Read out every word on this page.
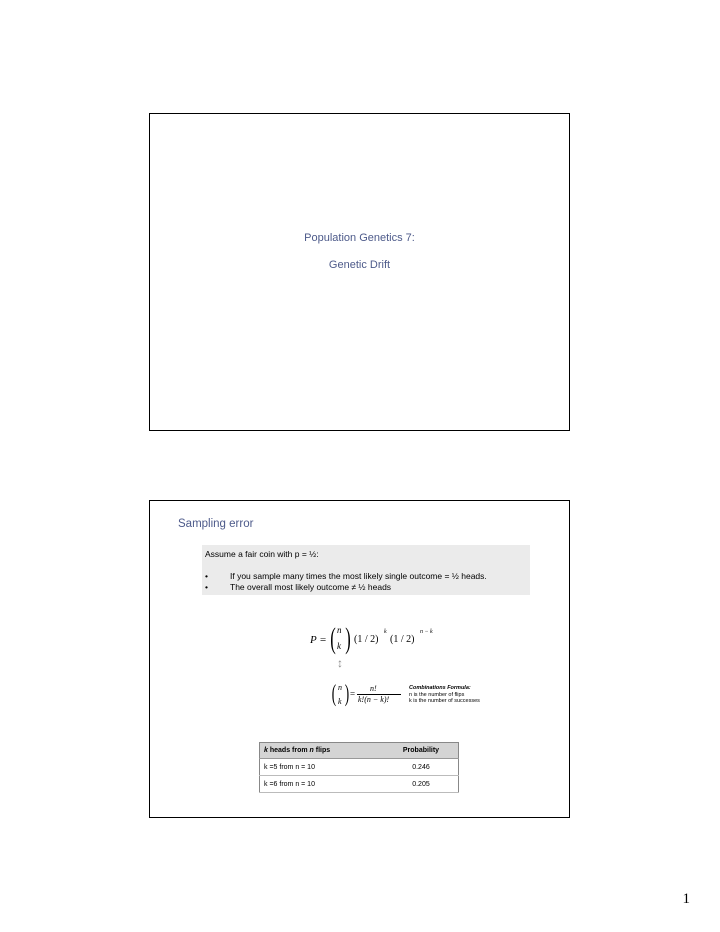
Population Genetics 7:
Genetic Drift
Sampling error
Assume a fair coin with p = ½:
•	If you sample many times the most likely single outcome = ½ heads.
•	The overall most likely outcome ≠ ½ heads
P = ( n
k ) (1 / 2)
k
(1 / 2)
n − k
↕
( n
k ) =
n!
k!(n − k)!
Combinations Formula:
n is the number of flips
k is the number of successes
k heads from n flips	Probability
k =5 from n = 10	0.246
k =6 from n = 10	0.205
1
